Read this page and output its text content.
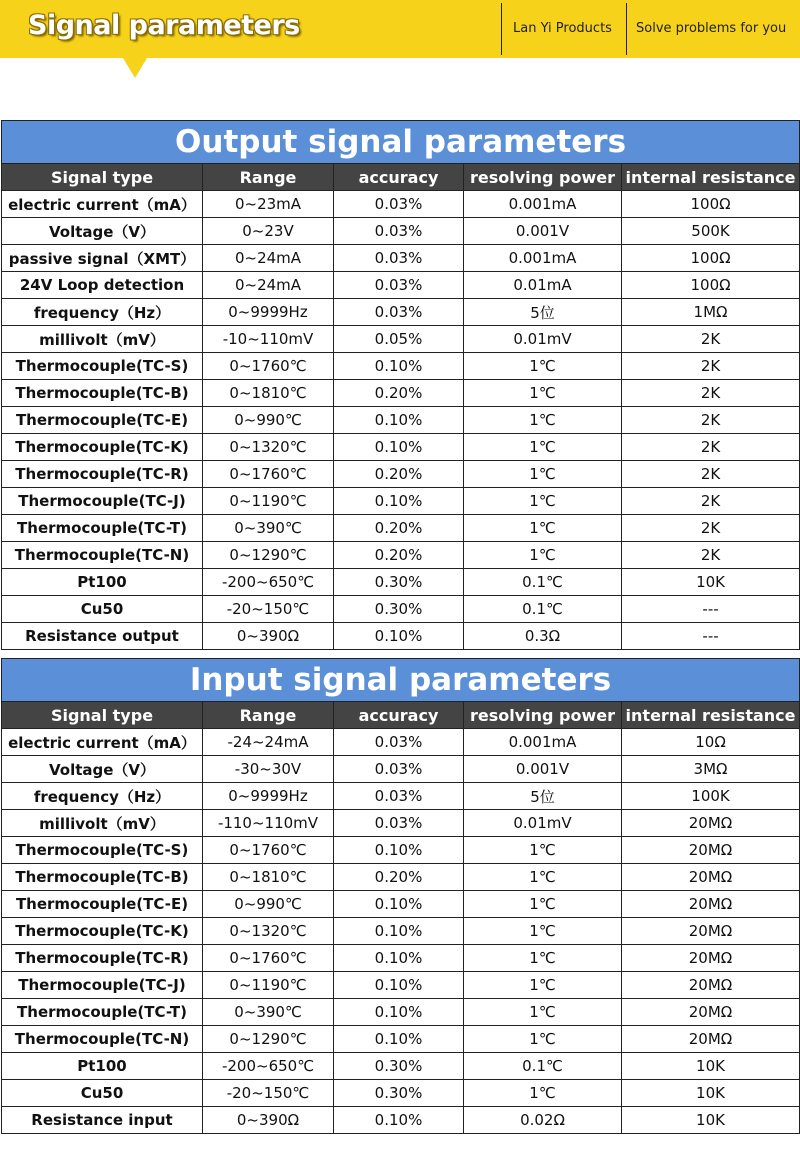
Signal parameters	Lan Yi Products Solve problems for you
Output signal parameters				
Signal type	Range	accuracy	resolving power	internal resistance
electric current（mA）	0~23mA	0.03%	0.001mA	100Ω
Voltage（V）	0~23V	0.03%	0.001V	500K
passive signal（XMT）	0~24mA	0.03%	0.001mA	100Ω
24V Loop detection	0~24mA	0.03%	0.01mA	100Ω
frequency（Hz）	0~9999Hz	0.03%	5位	1MΩ
millivolt（mV）	-10~110mV	0.05%	0.01mV	2K
Thermocouple(TC-S)	0~1760℃	0.10%	1℃	2K
Thermocouple(TC-B)	0~1810℃	0.20%	1℃	2K
Thermocouple(TC-E)	0~990℃	0.10%	1℃	2K
Thermocouple(TC-K)	0~1320℃	0.10%	1℃	2K
Thermocouple(TC-R)	0~1760℃	0.20%	1℃	2K
Thermocouple(TC-J)	0~1190℃	0.10%	1℃	2K
Thermocouple(TC-T)	0~390℃	0.20%	1℃	2K
Thermocouple(TC-N)	0~1290℃	0.20%	1℃	2K
Pt100	-200~650℃	0.30%	0.1℃	10K
Cu50	-20~150℃	0.30%	0.1℃	---
Resistance output	0~390Ω	0.10%	0.3Ω	---
Input signal parameters				
Signal type	Range	accuracy	resolving power	internal resistance
electric current（mA）	-24~24mA	0.03%	0.001mA	10Ω
Voltage（V）	-30~30V	0.03%	0.001V	3MΩ
frequency（Hz）	0~9999Hz	0.03%	5位	100K
millivolt（mV）	-110~110mV	0.03%	0.01mV	20MΩ
Thermocouple(TC-S)	0~1760℃	0.10%	1℃	20MΩ
Thermocouple(TC-B)	0~1810℃	0.20%	1℃	20MΩ
Thermocouple(TC-E)	0~990℃	0.10%	1℃	20MΩ
Thermocouple(TC-K)	0~1320℃	0.10%	1℃	20MΩ
Thermocouple(TC-R)	0~1760℃	0.10%	1℃	20MΩ
Thermocouple(TC-J)	0~1190℃	0.10%	1℃	20MΩ
Thermocouple(TC-T)	0~390℃	0.10%	1℃	20MΩ
Thermocouple(TC-N)	0~1290℃	0.10%	1℃	20MΩ
Pt100	-200~650℃	0.30%	0.1℃	10K
Cu50	-20~150℃	0.30%	1℃	10K
Resistance input	0~390Ω	0.10%	0.02Ω	10K
